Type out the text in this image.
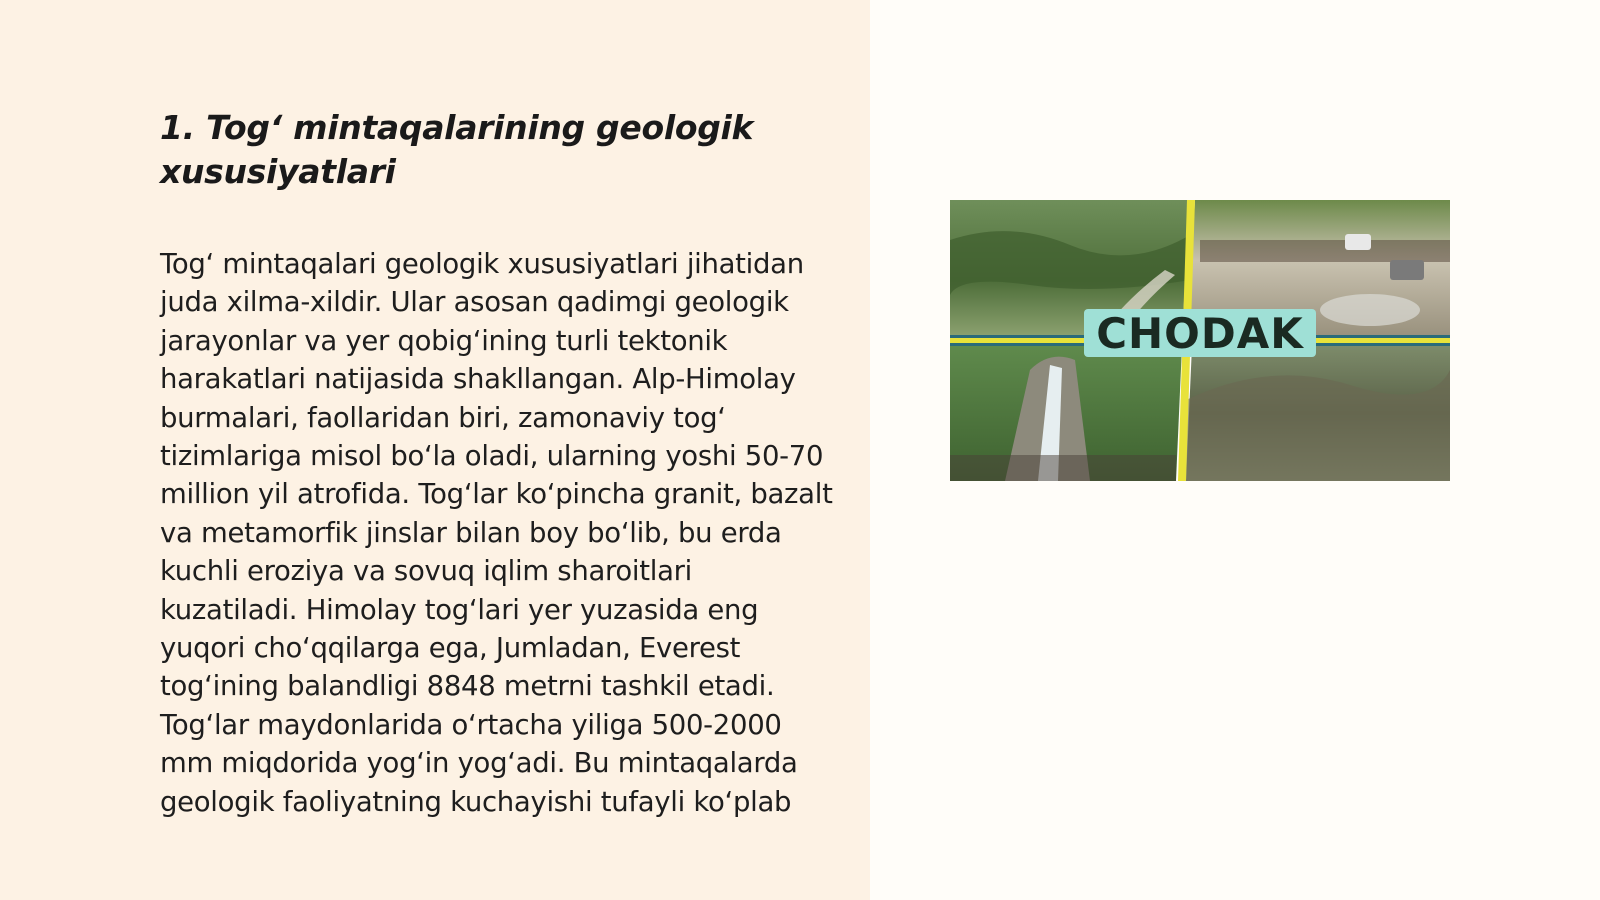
1. Tog‘ mintaqalarining geologik xususiyatlari

Tog‘ mintaqalari geologik xususiyatlari jihatidan juda xilma-xildir. Ular asosan qadimgi geologik jarayonlar va yer qobig‘ining turli tektonik harakatlari natijasida shakllangan. Alp-Himolay burmalari, faollaridan biri, zamonaviy tog‘ tizimlariga misol bo‘la oladi, ularning yoshi 50-70 million yil atrofida. Tog‘lar ko‘pincha granit, bazalt va metamorfik jinslar bilan boy bo‘lib, bu erda kuchli eroziya va sovuq iqlim sharoitlari kuzatiladi. Himolay tog‘lari yer yuzasida eng yuqori cho‘qqilarga ega, Jumladan, Everest tog‘ining balandligi 8848 metrni tashkil etadi. Tog‘lar maydonlarida o‘rtacha yiliga 500-2000 mm miqdorida yog‘in yog‘adi. Bu mintaqalarda geologik faoliyatning kuchayishi tufayli ko‘plab

CHODAK
